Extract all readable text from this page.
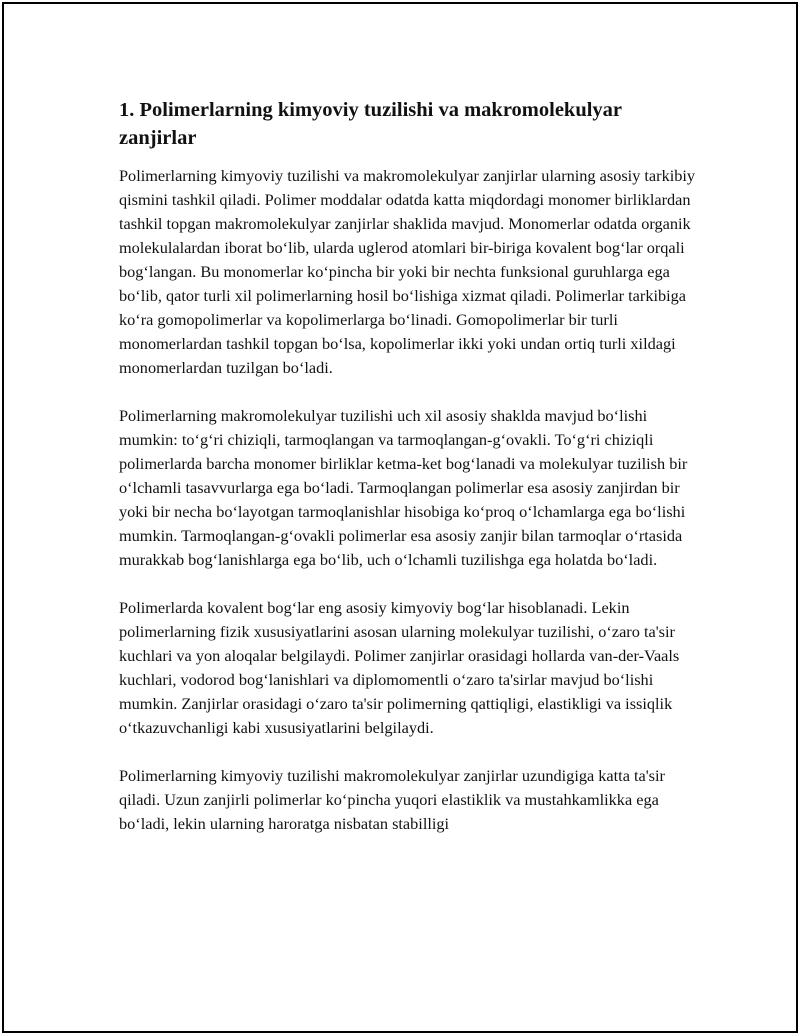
1. Polimerlarning kimyoviy tuzilishi va makromolekulyar zanjirlar

Polimerlarning kimyoviy tuzilishi va makromolekulyar zanjirlar ularning asosiy tarkibiy qismini tashkil qiladi. Polimer moddalar odatda katta miqdordagi monomer birliklardan tashkil topgan makromolekulyar zanjirlar shaklida mavjud. Monomerlar odatda organik molekulalardan iborat boʻlib, ularda uglerod atomlari bir-biriga kovalent bogʻlar orqali bogʻlangan. Bu monomerlar koʻpincha bir yoki bir nechta funksional guruhlarga ega boʻlib, qator turli xil polimerlarning hosil boʻlishiga xizmat qiladi. Polimerlar tarkibiga koʻra gomopolimerlar va kopolimerlarga boʻlinadi. Gomopolimerlar bir turli monomerlardan tashkil topgan boʻlsa, kopolimerlar ikki yoki undan ortiq turli xildagi monomerlardan tuzilgan boʻladi.

Polimerlarning makromolekulyar tuzilishi uch xil asosiy shaklda mavjud boʻlishi mumkin: toʻgʻri chiziqli, tarmoqlangan va tarmoqlangan-gʻovakli. Toʻgʻri chiziqli polimerlarda barcha monomer birliklar ketma-ket bogʻlanadi va molekulyar tuzilish bir oʻlchamli tasavvurlarga ega boʻladi. Tarmoqlangan polimerlar esa asosiy zanjirdan bir yoki bir necha boʻlayotgan tarmoqlanishlar hisobiga koʻproq oʻlchamlarga ega boʻlishi mumkin. Tarmoqlangan-gʻovakli polimerlar esa asosiy zanjir bilan tarmoqlar oʻrtasida murakkab bogʻlanishlarga ega boʻlib, uch oʻlchamli tuzilishga ega holatda boʻladi.

Polimerlarda kovalent bogʻlar eng asosiy kimyoviy bogʻlar hisoblanadi. Lekin polimerlarning fizik xususiyatlarini asosan ularning molekulyar tuzilishi, oʻzaro ta'sir kuchlari va yon aloqalar belgilaydi. Polimer zanjirlar orasidagi hollarda van-der-Vaals kuchlari, vodorod bogʻlanishlari va diplomomentli oʻzaro ta'sirlar mavjud boʻlishi mumkin. Zanjirlar orasidagi oʻzaro ta'sir polimerning qattiqligi, elastikligi va issiqlik oʻtkazuvchanligi kabi xususiyatlarini belgilaydi.

Polimerlarning kimyoviy tuzilishi makromolekulyar zanjirlar uzundigiga katta ta'sir qiladi. Uzun zanjirli polimerlar koʻpincha yuqori elastiklik va mustahkamlikka ega boʻladi, lekin ularning haroratga nisbatan stabilligi
